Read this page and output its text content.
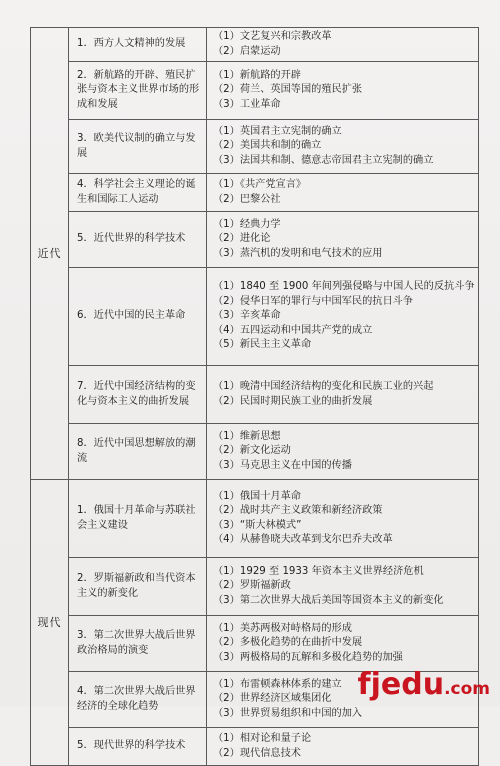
近代	1．西方人文精神的发展	（1）文艺复兴和宗教改革
（2）启蒙运动

	2．新航路的开辟、殖民扩张与资本主义世界市场的形成和发展	（1）新航路的开辟
（2）荷兰、英国等国的殖民扩张
（3）工业革命

	3．欧美代议制的确立与发展	（1）英国君主立宪制的确立
（2）美国共和制的确立
（3）法国共和制、德意志帝国君主立宪制的确立

	4．科学社会主义理论的诞生和国际工人运动	（1）《共产党宣言》
（2）巴黎公社

	5．近代世界的科学技术	（1）经典力学
（2）进化论
（3）蒸汽机的发明和电气技术的应用

	6．近代中国的民主革命	（1）1840 至 1900 年间列强侵略与中国人民的反抗斗争
（2）侵华日军的罪行与中国军民的抗日斗争
（3）辛亥革命
（4）五四运动和中国共产党的成立
（5）新民主主义革命

	7．近代中国经济结构的变化与资本主义的曲折发展	（1）晚清中国经济结构的变化和民族工业的兴起
（2）民国时期民族工业的曲折发展

	8．近代中国思想解放的潮流	（1）维新思想
（2）新文化运动
（3）马克思主义在中国的传播

现代	1．俄国十月革命与苏联社会主义建设	（1）俄国十月革命
（2）战时共产主义政策和新经济政策
（3）“斯大林模式”
（4）从赫鲁晓夫改革到戈尔巴乔夫改革

	2．罗斯福新政和当代资本主义的新变化	（1）1929 至 1933 年资本主义世界经济危机
（2）罗斯福新政
（3）第二次世界大战后美国等国资本主义的新变化

	3．第二次世界大战后世界政治格局的演变	（1）美苏两极对峙格局的形成
（2）多极化趋势的在曲折中发展
（3）两极格局的瓦解和多极化趋势的加强

	4．第二次世界大战后世界经济的全球化趋势	（1）布雷顿森林体系的建立
（2）世界经济区域集团化
（3）世界贸易组织和中国的加入

	5．现代世界的科学技术	（1）相对论和量子论
（2）现代信息技术
fjedu.com
